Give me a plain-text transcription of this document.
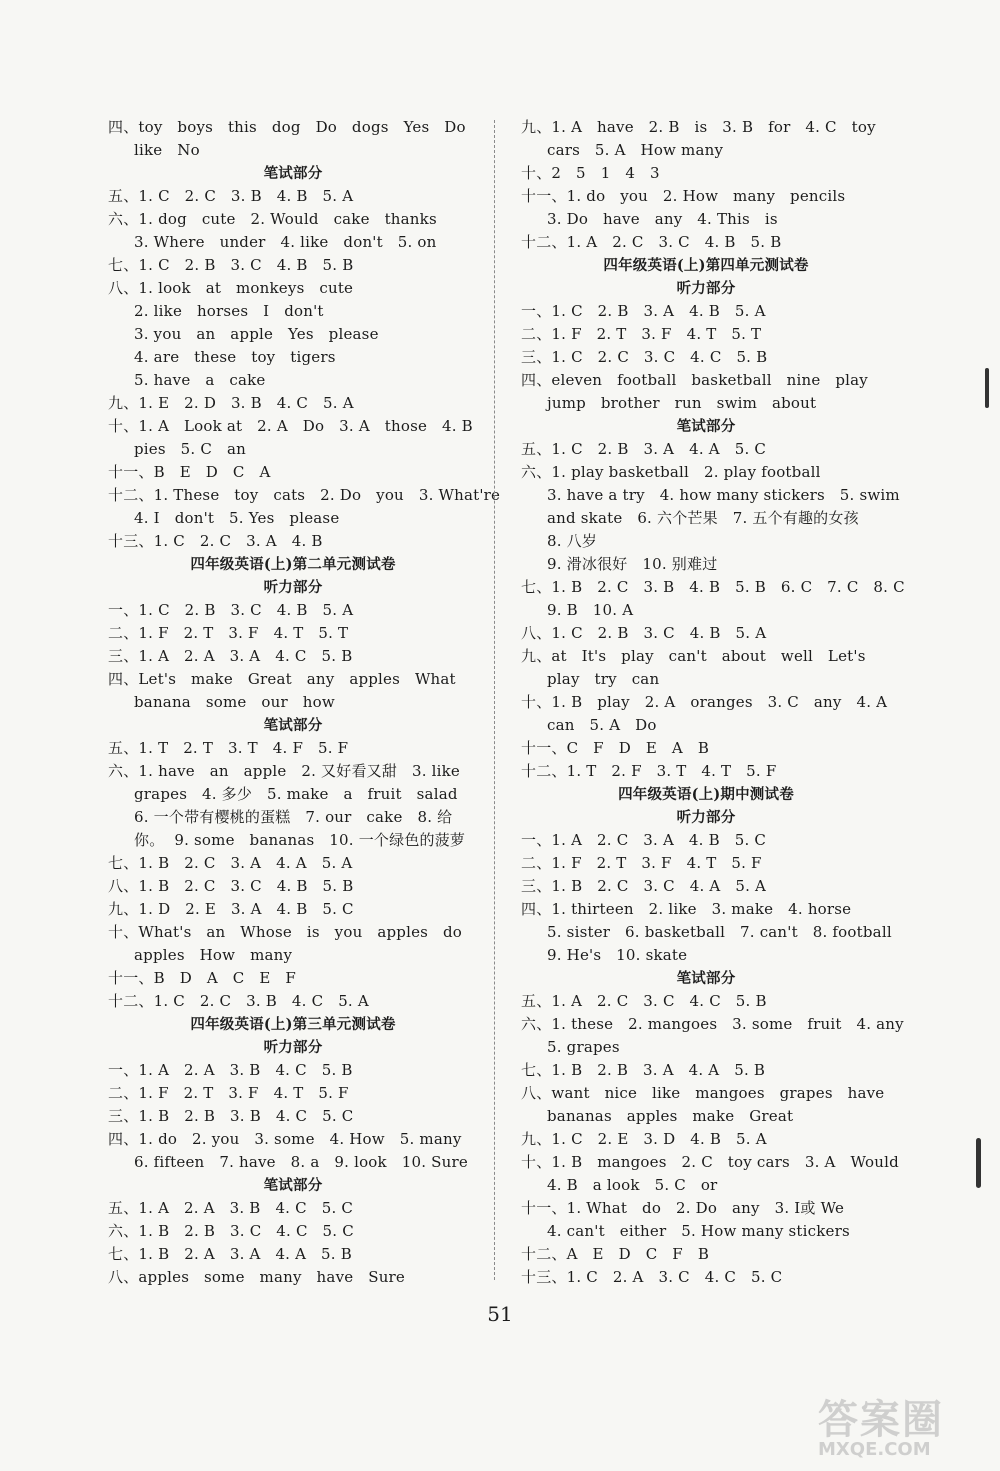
四、toy   boys   this   dog   Do   dogs   Yes   Do
like   No
笔试部分
五、1. C   2. C   3. B   4. B   5. A
六、1. dog   cute   2. Would   cake   thanks
3. Where   under   4. like   don't   5. on
七、1. C   2. B   3. C   4. B   5. B
八、1. look   at   monkeys   cute
2. like   horses   I   don't
3. you   an   apple   Yes   please
4. are   these   toy   tigers
5. have   a   cake
九、1. E   2. D   3. B   4. C   5. A
十、1. A   Look at   2. A   Do   3. A   those   4. B
pies   5. C   an
十一、B   E   D   C   A
十二、1. These   toy   cats   2. Do   you   3. What're
4. I   don't   5. Yes   please
十三、1. C   2. C   3. A   4. B
四年级英语(上)第二单元测试卷
听力部分
一、1. C   2. B   3. C   4. B   5. A
二、1. F   2. T   3. F   4. T   5. T
三、1. A   2. A   3. A   4. C   5. B
四、Let's   make   Great   any   apples   What
banana   some   our   how
笔试部分
五、1. T   2. T   3. T   4. F   5. F
六、1. have   an   apple   2. 又好看又甜   3. like
grapes   4. 多少   5. make   a   fruit   salad
6. 一个带有樱桃的蛋糕   7. our   cake   8. 给
你。  9. some   bananas   10. 一个绿色的菠萝
七、1. B   2. C   3. A   4. A   5. A
八、1. B   2. C   3. C   4. B   5. B
九、1. D   2. E   3. A   4. B   5. C
十、What's   an   Whose   is   you   apples   do
apples   How   many
十一、B   D   A   C   E   F
十二、1. C   2. C   3. B   4. C   5. A
四年级英语(上)第三单元测试卷
听力部分
一、1. A   2. A   3. B   4. C   5. B
二、1. F   2. T   3. F   4. T   5. F
三、1. B   2. B   3. B   4. C   5. C
四、1. do   2. you   3. some   4. How   5. many
6. fifteen   7. have   8. a   9. look   10. Sure
笔试部分
五、1. A   2. A   3. B   4. C   5. C
六、1. B   2. B   3. C   4. C   5. C
七、1. B   2. A   3. A   4. A   5. B
八、apples   some   many   have   Sure
九、1. A   have   2. B   is   3. B   for   4. C   toy
cars   5. A   How many
十、2   5   1   4   3
十一、1. do   you   2. How   many   pencils
3. Do   have   any   4. This   is
十二、1. A   2. C   3. C   4. B   5. B
四年级英语(上)第四单元测试卷
听力部分
一、1. C   2. B   3. A   4. B   5. A
二、1. F   2. T   3. F   4. T   5. T
三、1. C   2. C   3. C   4. C   5. B
四、eleven   football   basketball   nine   play
jump   brother   run   swim   about
笔试部分
五、1. C   2. B   3. A   4. A   5. C
六、1. play basketball   2. play football
3. have a try   4. how many stickers   5. swim
and skate   6. 六个芒果   7. 五个有趣的女孩
8. 八岁
9. 滑冰很好   10. 别难过
七、1. B   2. C   3. B   4. B   5. B   6. C   7. C   8. C
9. B   10. A
八、1. C   2. B   3. C   4. B   5. A
九、at   It's   play   can't   about   well   Let's
play   try   can
十、1. B   play   2. A   oranges   3. C   any   4. A
can   5. A   Do
十一、C   F   D   E   A   B
十二、1. T   2. F   3. T   4. T   5. F
四年级英语(上)期中测试卷
听力部分
一、1. A   2. C   3. A   4. B   5. C
二、1. F   2. T   3. F   4. T   5. F
三、1. B   2. C   3. C   4. A   5. A
四、1. thirteen   2. like   3. make   4. horse
5. sister   6. basketball   7. can't   8. football
9. He's   10. skate
笔试部分
五、1. A   2. C   3. C   4. C   5. B
六、1. these   2. mangoes   3. some   fruit   4. any
5. grapes
七、1. B   2. B   3. A   4. A   5. B
八、want   nice   like   mangoes   grapes   have
bananas   apples   make   Great
九、1. C   2. E   3. D   4. B   5. A
十、1. B   mangoes   2. C   toy cars   3. A   Would
4. B   a look   5. C   or
十一、1. What   do   2. Do   any   3. I或 We
4. can't   either   5. How many stickers
十二、A   E   D   C   F   B
十三、1. C   2. A   3. C   4. C   5. C
51
答案圈
MXQE.COM
